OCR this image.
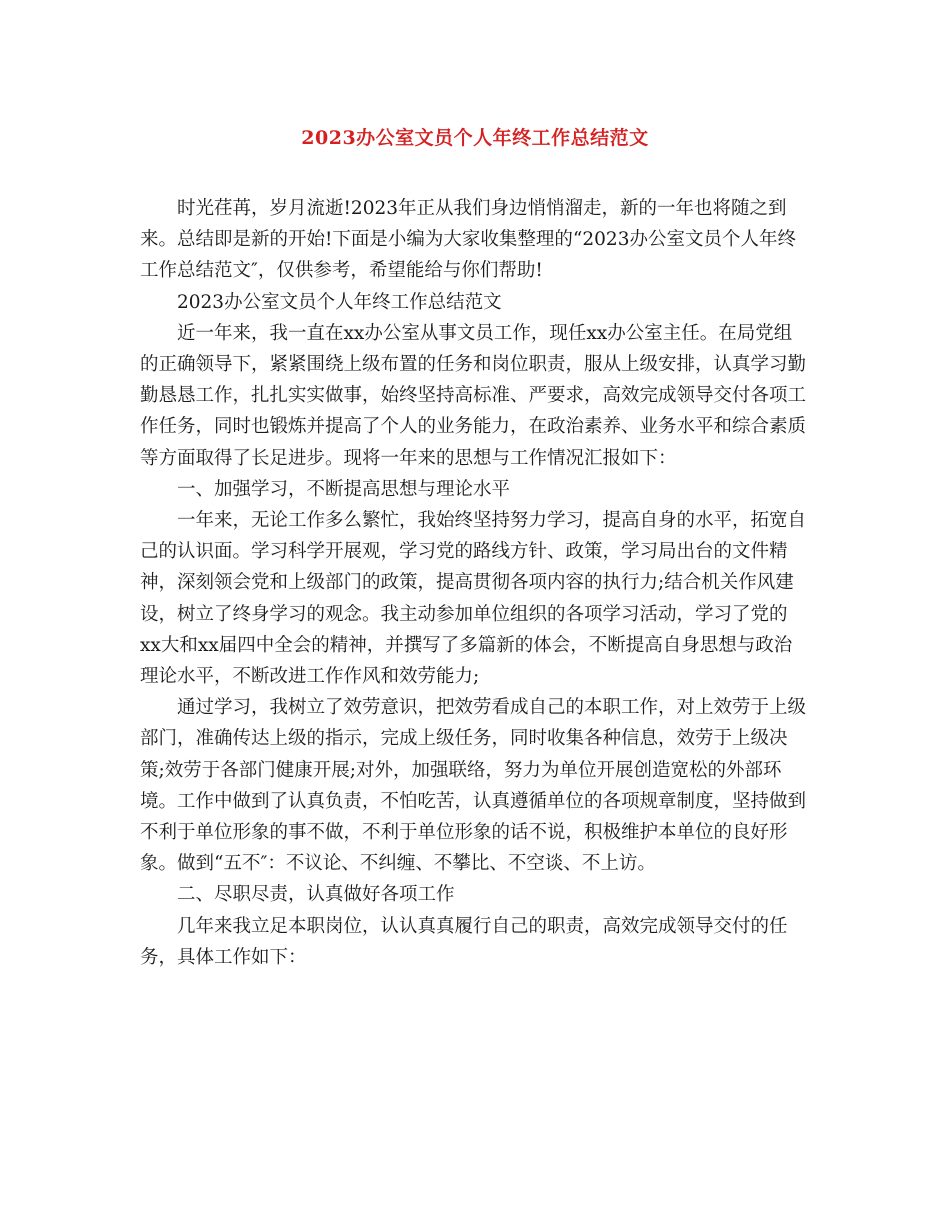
2023办公室文员个人年终工作总结范文

时光荏苒，岁月流逝!2023年正从我们身边悄悄溜走，新的一年也将随之到
来。总结即是新的开始!下面是小编为大家收集整理的“2023办公室文员个人年终
工作总结范文″，仅供参考，希望能给与你们帮助!

2023办公室文员个人年终工作总结范文

近一年来，我一直在xx办公室从事文员工作，现任xx办公室主任。在局党组
的正确领导下，紧紧围绕上级布置的任务和岗位职责，服从上级安排，认真学习勤
勤恳恳工作，扎扎实实做事，始终坚持高标准、严要求，高效完成领导交付各项工
作任务，同时也锻炼并提高了个人的业务能力，在政治素养、业务水平和综合素质
等方面取得了长足进步。现将一年来的思想与工作情况汇报如下：

一、加强学习，不断提高思想与理论水平

一年来，无论工作多么繁忙，我始终坚持努力学习，提高自身的水平，拓宽自
己的认识面。学习科学开展观，学习党的路线方针、政策，学习局出台的文件精
神，深刻领会党和上级部门的政策，提高贯彻各项内容的执行力;结合机关作风建
设，树立了终身学习的观念。我主动参加单位组织的各项学习活动，学习了党的
xx大和xx届四中全会的精神，并撰写了多篇新的体会，不断提高自身思想与政治
理论水平，不断改进工作作风和效劳能力;

通过学习，我树立了效劳意识，把效劳看成自己的本职工作，对上效劳于上级
部门，准确传达上级的指示，完成上级任务，同时收集各种信息，效劳于上级决
策;效劳于各部门健康开展;对外，加强联络，努力为单位开展创造宽松的外部环
境。工作中做到了认真负责，不怕吃苦，认真遵循单位的各项规章制度，坚持做到
不利于单位形象的事不做，不利于单位形象的话不说，积极维护本单位的良好形
象。做到“五不″：不议论、不纠缠、不攀比、不空谈、不上访。

二、尽职尽责，认真做好各项工作

几年来我立足本职岗位，认认真真履行自己的职责，高效完成领导交付的任
务，具体工作如下：
